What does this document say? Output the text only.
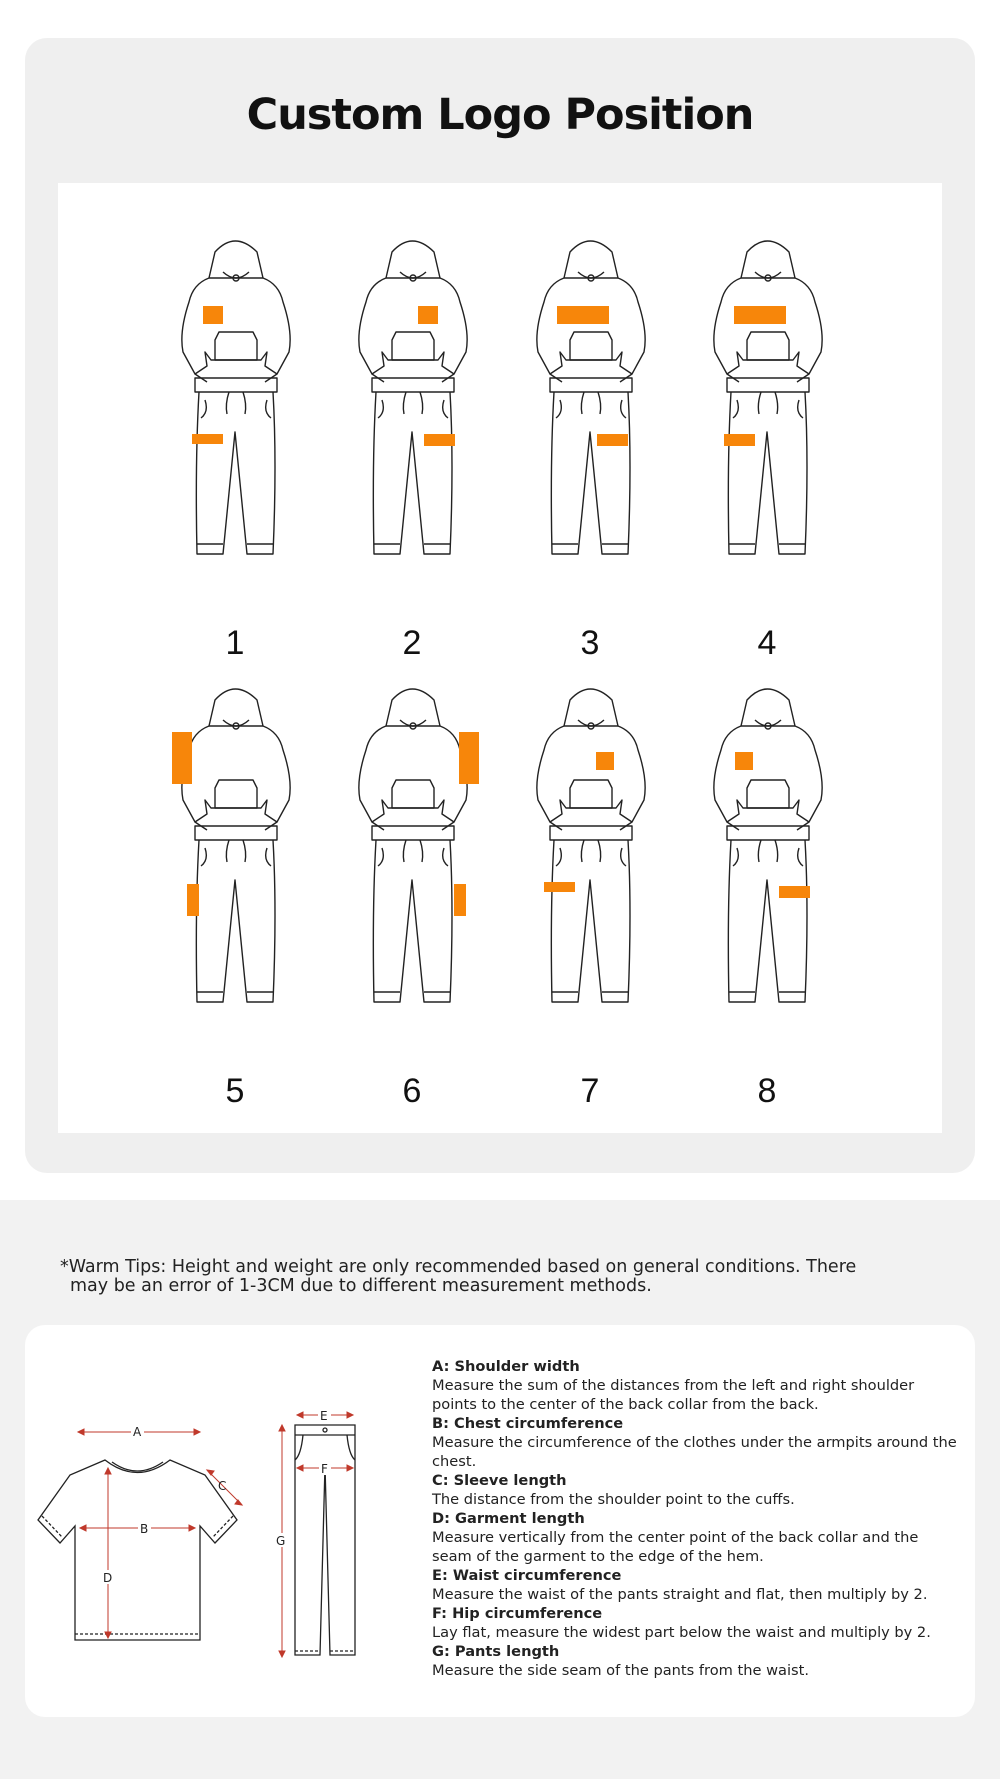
Custom Logo Position
1	2	3	4
5	6	7	8
*Warm Tips: Height and weight are only recommended based on general conditions. There
may be an error of 1-3CM due to different measurement methods.
A
B
C
D
E
F
G
A: Shoulder width
Measure the sum of the distances from the left and right shoulder points to the center of the back collar from the back.
B: Chest circumference
Measure the circumference of the clothes under the armpits around the chest.
C: Sleeve length
The distance from the shoulder point to the cuffs.
D: Garment length
Measure vertically from the center point of the back collar and the seam of the garment to the edge of the hem.
E: Waist circumference
Measure the waist of the pants straight and flat, then multiply by 2.
F: Hip circumference
Lay flat, measure the widest part below the waist and multiply by 2.
G: Pants length
Measure the side seam of the pants from the waist.
